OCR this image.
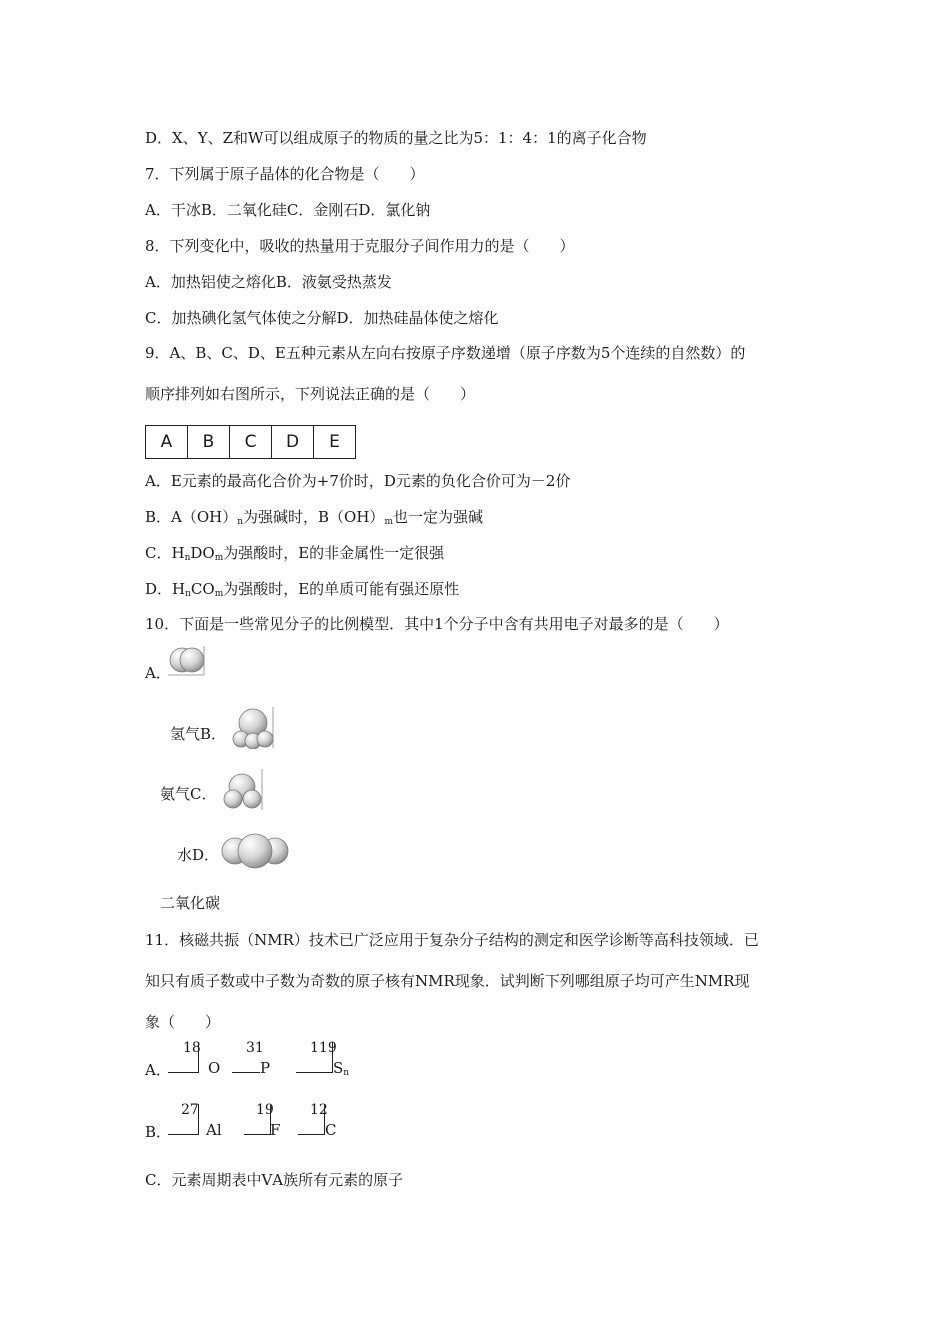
D．X、Y、Z和W可以组成原子的物质的量之比为5：1：4：1的离子化合物
7．下列属于原子晶体的化合物是（　　）
A．干冰B．二氧化硅C．金刚石D．氯化钠
8．下列变化中，吸收的热量用于克服分子间作用力的是（　　）
A．加热铝使之熔化B．液氨受热蒸发
C．加热碘化氢气体使之分解D．加热硅晶体使之熔化
9．A、B、C、D、E五种元素从左向右按原子序数递增（原子序数为5个连续的自然数）的
顺序排列如右图所示，下列说法正确的是（　　）
A	B	C	D	E
A．E元素的最高化合价为+7价时，D元素的负化合价可为－2价
B．$A(OH)_n$为强碱时，$B(OH)_m$也一定为强碱
C．$H_nDO_m$为强酸时，E的非金属性一定很强
D．$H_nCO_m$为强酸时，E的单质可能有强还原性
10．下面是一些常见分子的比例模型．其中1个分子中含有共用电子对最多的是（　　）
A．
氢气B．
氨气C．
水D．
二氧化碳
11．核磁共振（NMR）技术已广泛应用于复杂分子结构的测定和医学诊断等高科技领域．已
知只有质子数或中子数为奇数的原子核有NMR现象．试判断下列哪组原子均可产生NMR现
象（　　）
A．
18
O
31
P
119
$S_n$
B．
27
Al
19
F
12
C
C．元素周期表中ⅤA族所有元素的原子
